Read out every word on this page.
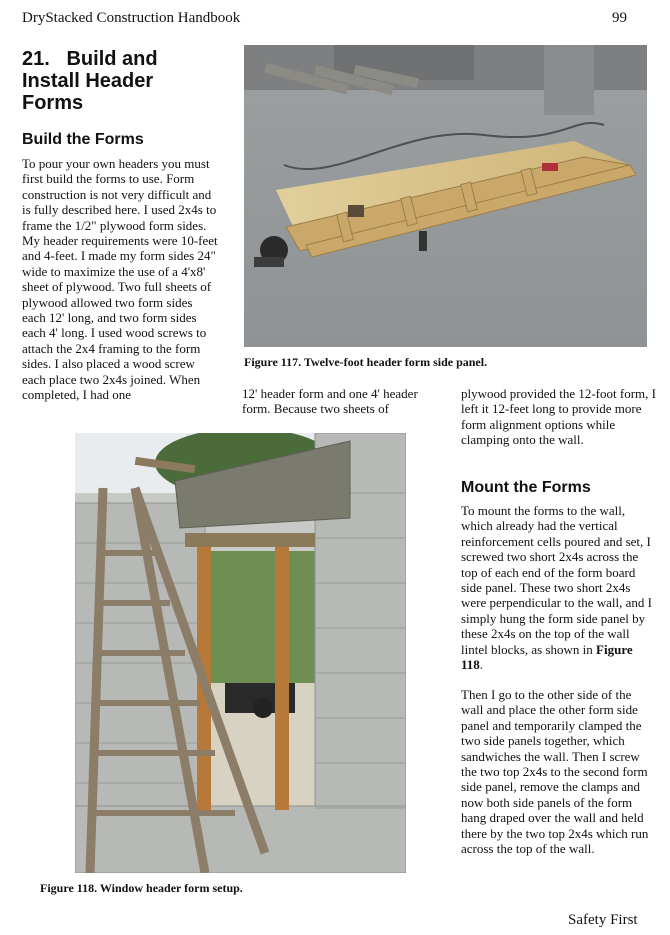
DryStacked Construction Handbook	99
21.   Build and
Install Header
Forms
Build the Forms
To pour your own headers you must first build the forms to use. Form construction is not very difficult and is fully described here. I used 2x4s to frame the 1/2" plywood form sides. My header requirements were 10-feet and 4-feet. I made my form sides 24" wide to maximize the use of a 4'x8' sheet of plywood. Two full sheets of plywood allowed two form sides each 12' long, and two form sides each 4' long. I used wood screws to attach the 2x4 framing to the form sides. I also placed a wood screw each place two 2x4s joined. When completed, I had one
Figure 117. Twelve-foot header form side panel.
12' header form and one 4' header form. Because two sheets of
plywood provided the 12-foot form, I left it 12-feet long to provide more form alignment options while clamping onto the wall.
Mount the Forms
To mount the forms to the wall, which already had the vertical reinforcement cells poured and set, I screwed two short 2x4s across the top of each end of the form board side panel. These two short 2x4s were perpendicular to the wall, and I simply hung the form side panel by these 2x4s on the top of the wall lintel blocks, as shown in Figure 118.
Then I go to the other side of the wall and place the other form side panel and temporarily clamped the two side panels together, which sandwiches the wall. Then I screw the two top 2x4s to the second form side panel, remove the clamps and now both side panels of the form hang draped over the wall and held there by the two top 2x4s which run across the top of the wall.
Figure 118. Window header form setup.
Safety First
